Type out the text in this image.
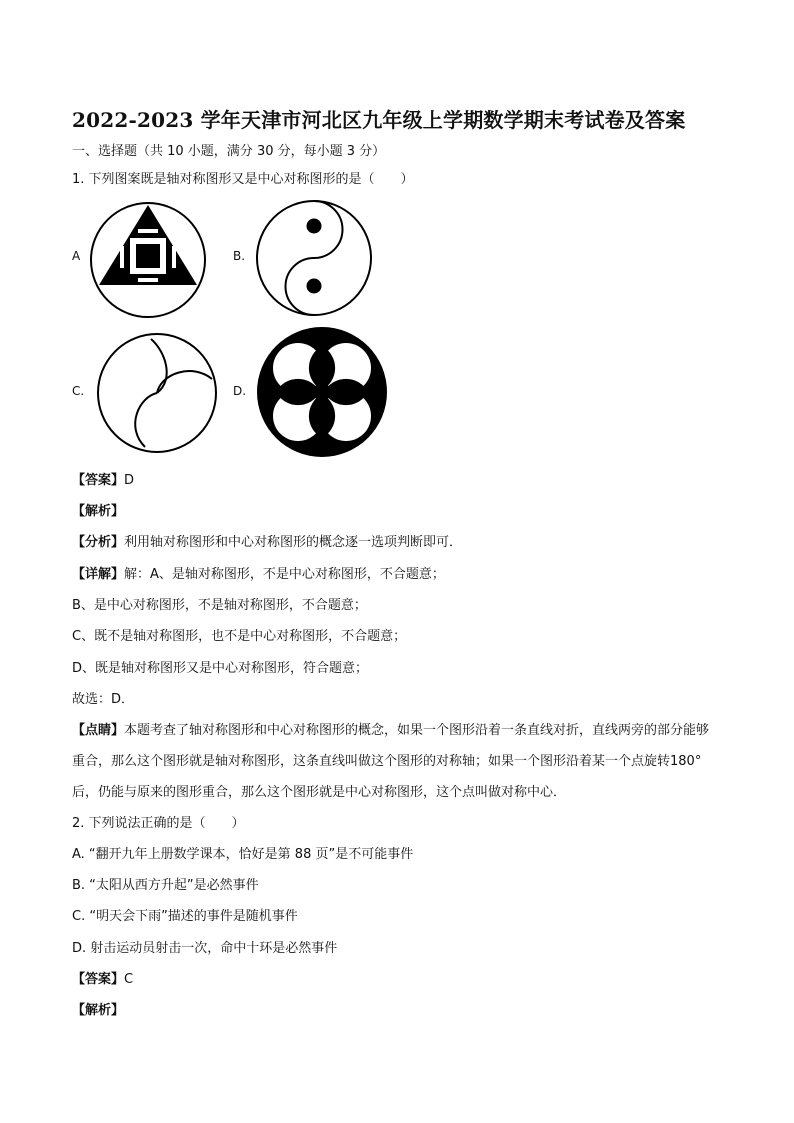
2022-2023 学年天津市河北区九年级上学期数学期末考试卷及答案
一、选择题（共 10 小题，满分 30 分，每小题 3 分）
1. 下列图案既是轴对称图形又是中心对称图形的是（　　）
A	B.
C.	D.
【答案】D
【解析】
【分析】利用轴对称图形和中心对称图形的概念逐一选项判断即可．
【详解】解：A、是轴对称图形，不是中心对称图形，不合题意；
B、是中心对称图形，不是轴对称图形，不合题意；
C、既不是轴对称图形，也不是中心对称图形，不合题意；
D、既是轴对称图形又是中心对称图形，符合题意；
故选：D．
【点睛】本题考查了轴对称图形和中心对称图形的概念，如果一个图形沿着一条直线对折，直线两旁的部分能够重合，那么这个图形就是轴对称图形，这条直线叫做这个图形的对称轴；如果一个图形沿着某一个点旋转180°后，仍能与原来的图形重合，那么这个图形就是中心对称图形，这个点叫做对称中心．
2. 下列说法正确的是（　　）
A. “翻开九年上册数学课本，恰好是第 88 页”是不可能事件
B. “太阳从西方升起”是必然事件
C. “明天会下雨”描述的事件是随机事件
D. 射击运动员射击一次，命中十环是必然事件
【答案】C
【解析】
